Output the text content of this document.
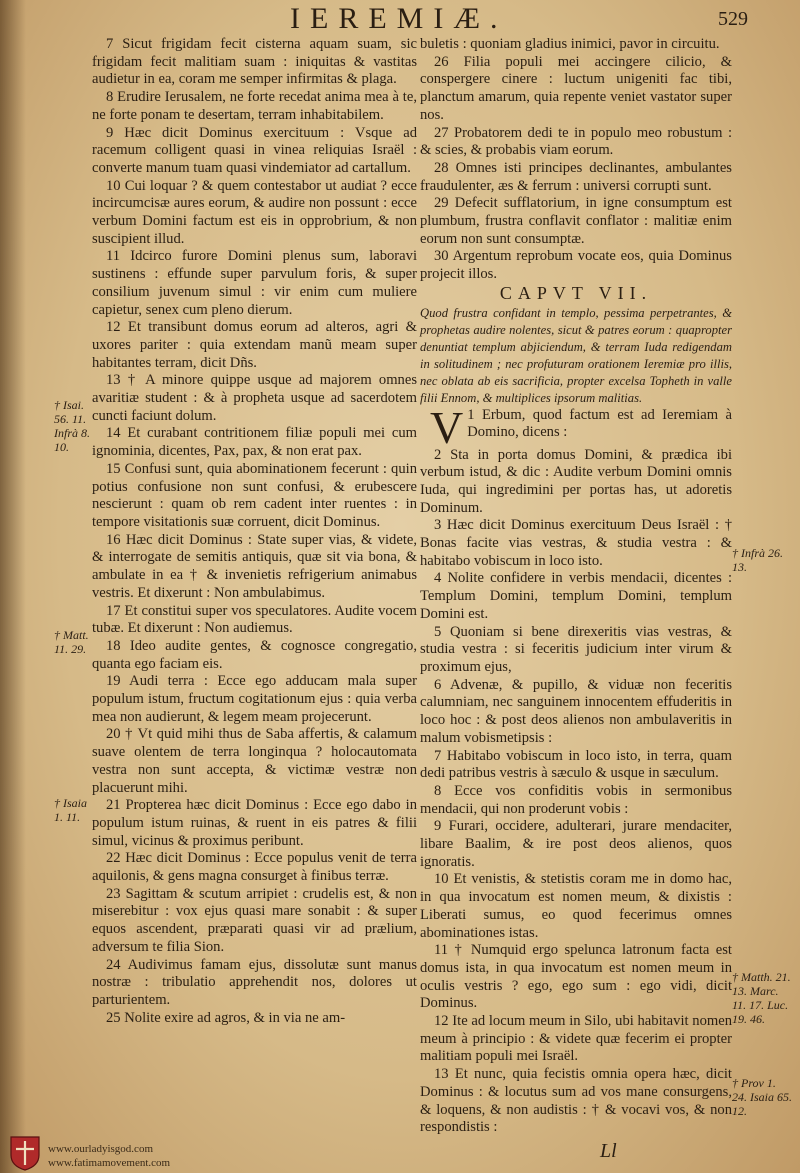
IEREMIÆ.	529
7 Sicut frigidam fecit cisterna aquam suam, sic frigidam fecit malitiam suam : iniquitas & vastitas audietur in ea, coram me semper infirmitas & plaga.
8 Erudire Ierusalem, ne forte recedat anima mea à te, ne forte ponam te desertam, terram inhabitabilem.
9 Hæc dicit Dominus exercituum : Vsque ad racemum colligent quasi in vinea reliquias Israël : converte manum tuam quasi vindemiator ad cartallum.
10 Cui loquar ? & quem contestabor ut audiat ? ecce incircumcisæ aures eorum, & audire non possunt : ecce verbum Domini factum est eis in opprobrium, & non suscipient illud.
11 Idcirco furore Domini plenus sum, laboravi sustinens : effunde super parvulum foris, & super consilium juvenum simul : vir enim cum muliere capietur, senex cum pleno dierum.
12 Et transibunt domus eorum ad alteros, agri & uxores pariter : quia extendam manũ meam super habitantes terram, dicit Dñs.
13 † A minore quippe usque ad majorem omnes avaritiæ student : & à propheta usque ad sacerdotem cuncti faciunt dolum.
14 Et curabant contritionem filiæ populi mei cum ignominia, dicentes, Pax, pax, & non erat pax.
15 Confusi sunt, quia abominationem fecerunt : quin potius confusione non sunt confusi, & erubescere nescierunt : quam ob rem cadent inter ruentes : in tempore visitationis suæ corruent, dicit Dominus.
16 Hæc dicit Dominus : State super vias, & videte, & interrogate de semitis antiquis, quæ sit via bona, & ambulate in ea † & invenietis refrigerium animabus vestris. Et dixerunt : Non ambulabimus.
17 Et constitui super vos speculatores. Audite vocem tubæ. Et dixerunt : Non audiemus.
18 Ideo audite gentes, & cognosce congregatio, quanta ego faciam eis.
19 Audi terra : Ecce ego adducam mala super populum istum, fructum cogitationum ejus : quia verba mea non audierunt, & legem meam projecerunt.
20 † Vt quid mihi thus de Saba affertis, & calamum suave olentem de terra longinqua ? holocautomata vestra non sunt accepta, & victimæ vestræ non placuerunt mihi.
21 Propterea hæc dicit Dominus : Ecce ego dabo in populum istum ruinas, & ruent in eis patres & filii simul, vicinus & proximus peribunt.
22 Hæc dicit Dominus : Ecce populus venit de terra aquilonis, & gens magna consurget à finibus terræ.
23 Sagittam & scutum arripiet : crudelis est, & non miserebitur : vox ejus quasi mare sonabit : & super equos ascendent, præparati quasi vir ad prælium, adversum te filia Sion.
24 Audivimus famam ejus, dissolutæ sunt manus nostræ : tribulatio apprehendit nos, dolores ut parturientem.
25 Nolite exire ad agros, & in via ne am-
buletis : quoniam gladius inimici, pavor in circuitu.
26 Filia populi mei accingere cilicio, & conspergere cinere : luctum unigeniti fac tibi, planctum amarum, quia repente veniet vastator super nos.
27 Probatorem dedi te in populo meo robustum : & scies, & probabis viam eorum.
28 Omnes isti principes declinantes, ambulantes fraudulenter, æs & ferrum : universi corrupti sunt.
29 Defecit sufflatorium, in igne consumptum est plumbum, frustra conflavit conflator : malitiæ enim eorum non sunt consumptæ.
30 Argentum reprobum vocate eos, quia Dominus projecit illos.
CAPVT VII.
Quod frustra confidant in templo, pessima perpetrantes, & prophetas audire nolentes, sicut & patres eorum : quapropter denuntiat templum abjiciendum, & terram Iuda redigendam in solitudinem ; nec profuturam orationem Ieremiæ pro illis, nec oblata ab eis sacrificia, propter excelsa Topheth in valle filii Ennom, & multiplices ipsorum malitias.
V 1 Erbum, quod factum est ad Ieremiam à Domino, dicens :
2 Sta in porta domus Domini, & prædica ibi verbum istud, & dic : Audite verbum Domini omnis Iuda, qui ingredimini per portas has, ut adoretis Dominum.
3 Hæc dicit Dominus exercituum Deus Israël : † Bonas facite vias vestras, & studia vestra : & habitabo vobiscum in loco isto.
4 Nolite confidere in verbis mendacii, dicentes : Templum Domini, templum Domini, templum Domini est.
5 Quoniam si bene direxeritis vias vestras, & studia vestra : si feceritis judicium inter virum & proximum ejus,
6 Advenæ, & pupillo, & viduæ non feceritis calumniam, nec sanguinem innocentem effuderitis in loco hoc : & post deos alienos non ambulaveritis in malum vobismetipsis :
7 Habitabo vobiscum in loco isto, in terra, quam dedi patribus vestris à sæculo & usque in sæculum.
8 Ecce vos confiditis vobis in sermonibus mendacii, qui non proderunt vobis :
9 Furari, occidere, adulterari, jurare mendaciter, libare Baalim, & ire post deos alienos, quos ignoratis.
10 Et venistis, & stetistis coram me in domo hac, in qua invocatum est nomen meum, & dixistis : Liberati sumus, eo quod fecerimus omnes abominationes istas.
11 † Numquid ergo spelunca latronum facta est domus ista, in qua invocatum est nomen meum in oculis vestris ? ego, ego sum : ego vidi, dicit Dominus.
12 Ite ad locum meum in Silo, ubi habitavit nomen meum à principio : & videte quæ fecerim ei propter malitiam populi mei Israël.
13 Et nunc, quia fecistis omnia opera hæc, dicit Dominus : & locutus sum ad vos mane consurgens, & loquens, & non audistis : † & vocavi vos, & non respondistis :
† Isai. 56. 11. Infrà 8. 10.
† Matt. 11. 29.
† Isaia 1. 11.
† Infrà 26. 13.
† Matth. 21. 13. Marc. 11. 17. Luc. 19. 46.
† Prov 1. 24. Isaia 65. 12.
Ll
www.ourladyisgod.com
www.fatimamovement.com
